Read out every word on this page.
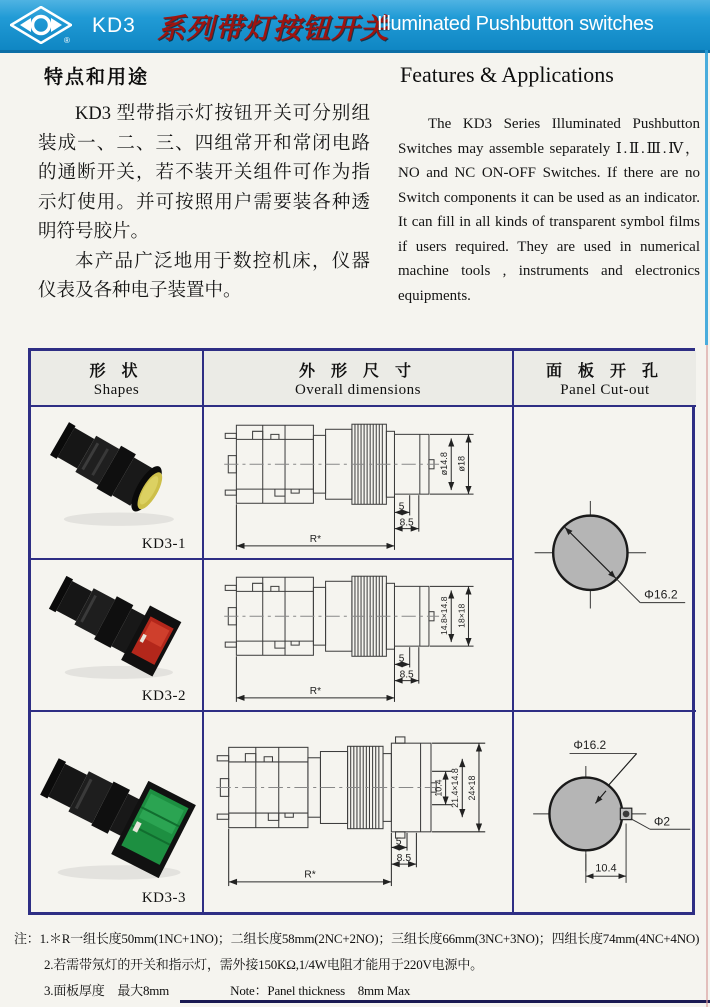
®
KD3 系列带灯按钮开关
Illuminated Pushbutton switches
特点和用途

KD3 型带指示灯按钮开关可分别组装成一、二、三、四组常开和常闭电路的通断开关，若不装开关组件可作为指示灯使用。并可按照用户需要装各种透明符号胶片。

本产品广泛地用于数控机床，仪器仪表及各种电子装置中。

Features & Applications

The KD3 Series Illuminated Pushbutton Switches may assemble separately Ⅰ.Ⅱ.Ⅲ.Ⅳ，NO and NC ON-OFF Switches. If there are no Switch components it can be used as an indicator. It can fill in all kinds of transparent symbol films if users required. They are used in numerical machine tools , instruments and electronics equipments.

形 状
Shapes
外 形 尺 寸
Overall dimensions
面 板 开 孔
Panel Cut-out
KD3-1
ø14.8 ø18
5
8.5
R*
Φ16.2
KD3-2
14.8×14.8 18×18
5
8.5
R*
KD3-3
10.4 21.4×14.8 24×18
5
8.5
R*
Φ16.2
Φ2
10.4
注：1.＊R一组长度50mm(1NC+1NO)；二组长度58mm(2NC+2NO)；三组长度66mm(3NC+3NO)；四组长度74mm(4NC+4NO)
2.若需带氖灯的开关和指示灯，需外接150KΩ,1/4W电阻才能用于220V电源中。
3.面板厚度　最大8mm	Note：Panel thickness　8mm Max
